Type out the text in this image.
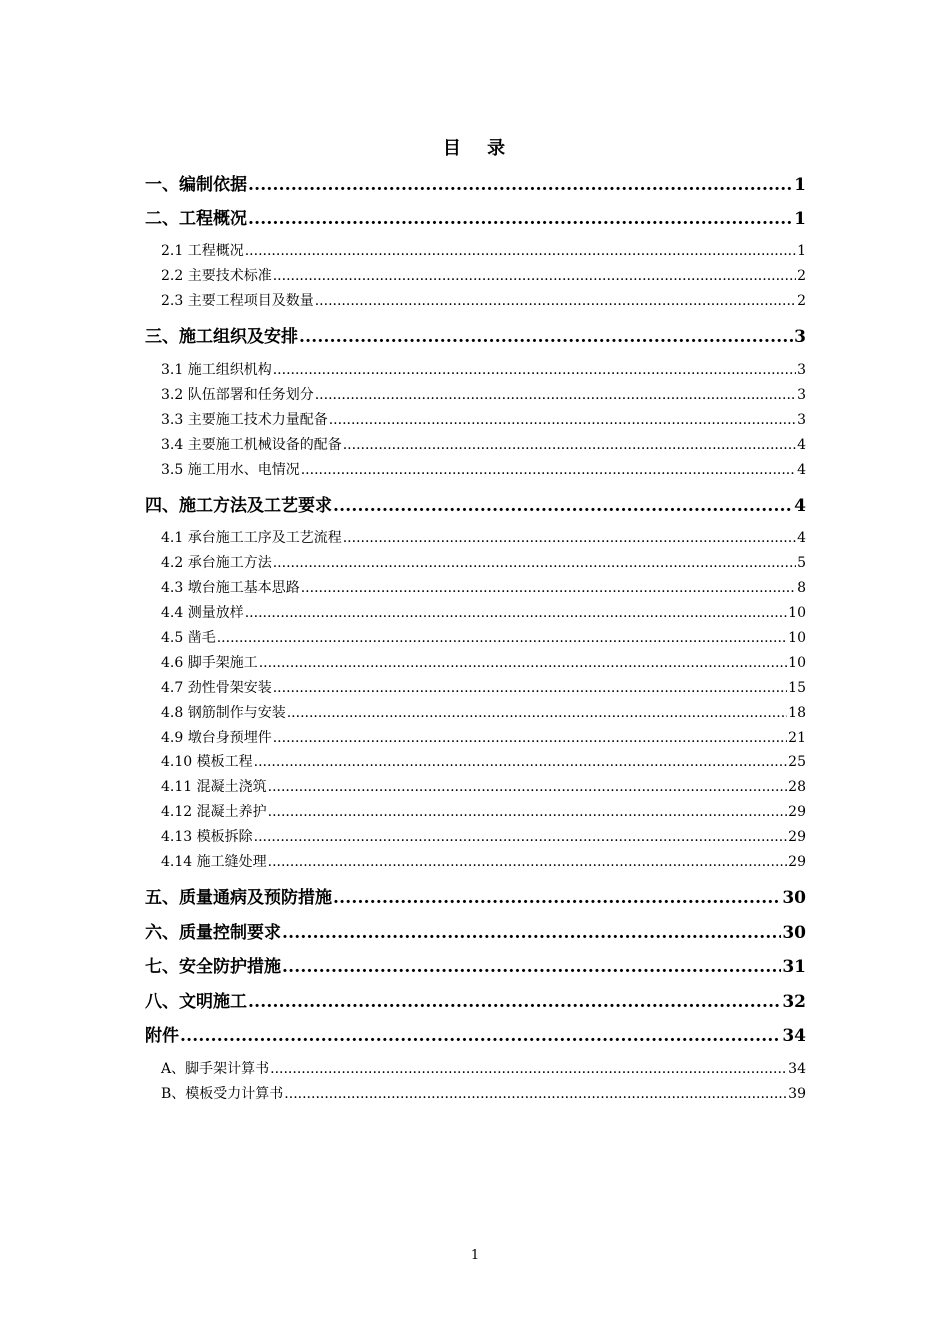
目 录
一、编制依据 .....	1
二、工程概况 .....	1
2.1 工程概况 .....	1
2.2 主要技术标准 .....	2
2.3 主要工程项目及数量 .....	2
三、施工组织及安排 .....	3
3.1 施工组织机构 .....	3
3.2 队伍部署和任务划分 .....	3
3.3 主要施工技术力量配备 .....	3
3.4 主要施工机械设备的配备 .....	4
3.5 施工用水、电情况 .....	4
四、施工方法及工艺要求 .....	4
4.1 承台施工工序及工艺流程 .....	4
4.2 承台施工方法 .....	5
4.3 墩台施工基本思路 .....	8
4.4 测量放样 .....	10
4.5 凿毛 .....	10
4.6 脚手架施工 .....	10
4.7 劲性骨架安装 .....	15
4.8 钢筋制作与安装 .....	18
4.9 墩台身预埋件 .....	21
4.10 模板工程 .....	25
4.11 混凝土浇筑 .....	28
4.12 混凝土养护 .....	29
4.13 模板拆除 .....	29
4.14 施工缝处理 .....	29
五、质量通病及预防措施 .....	30
六、质量控制要求 .....	30
七、安全防护措施 .....	31
八、文明施工 .....	32
附件 .....	34
A、脚手架计算书 .....	34
B、模板受力计算书 .....	39
1
